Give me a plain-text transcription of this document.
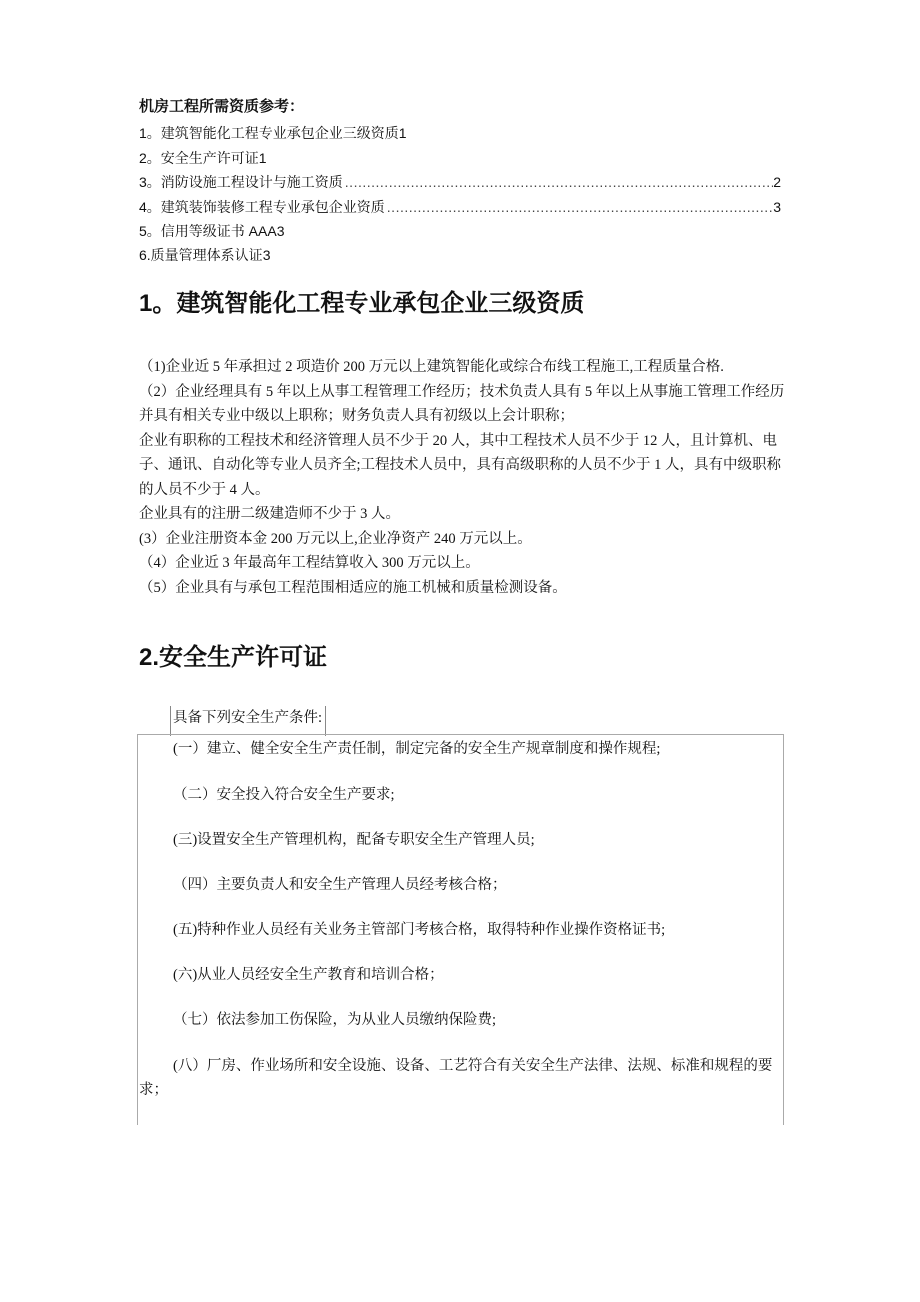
机房工程所需资质参考：
1。建筑智能化工程专业承包企业三级资质 1
2。安全生产许可证 1
3。消防设施工程设计与施工资质 .....	2
4。建筑装饰装修工程专业承包企业资质 .....	3
5。信用等级证书 AAA 3
6.质量管理体系认证 3
1。建筑智能化工程专业承包企业三级资质

（1)企业近 5 年承担过 2 项造价 200 万元以上建筑智能化或综合布线工程施工,工程质量合格.

（2）企业经理具有 5 年以上从事工程管理工作经历；技术负责人具有 5 年以上从事施工管理工作经历并具有相关专业中级以上职称；财务负责人具有初级以上会计职称；

企业有职称的工程技术和经济管理人员不少于 20 人，其中工程技术人员不少于 12 人，且计算机、电子、通讯、自动化等专业人员齐全;工程技术人员中，具有高级职称的人员不少于 1 人，具有中级职称的人员不少于 4 人。

企业具有的注册二级建造师不少于 3 人。

(3）企业注册资本金 200 万元以上,企业净资产 240 万元以上。

（4）企业近 3 年最高年工程结算收入 300 万元以上。

（5）企业具有与承包工程范围相适应的施工机械和质量检测设备。

2.安全生产许可证
具备下列安全生产条件:
(一）建立、健全安全生产责任制，制定完备的安全生产规章制度和操作规程;
（二）安全投入符合安全生产要求;
(三)设置安全生产管理机构，配备专职安全生产管理人员;
（四）主要负责人和安全生产管理人员经考核合格；
(五)特种作业人员经有关业务主管部门考核合格，取得特种作业操作资格证书;
(六)从业人员经安全生产教育和培训合格；
（七）依法参加工伤保险，为从业人员缴纳保险费;
(八）厂房、作业场所和安全设施、设备、工艺符合有关安全生产法律、法规、标准和规程的要求；
